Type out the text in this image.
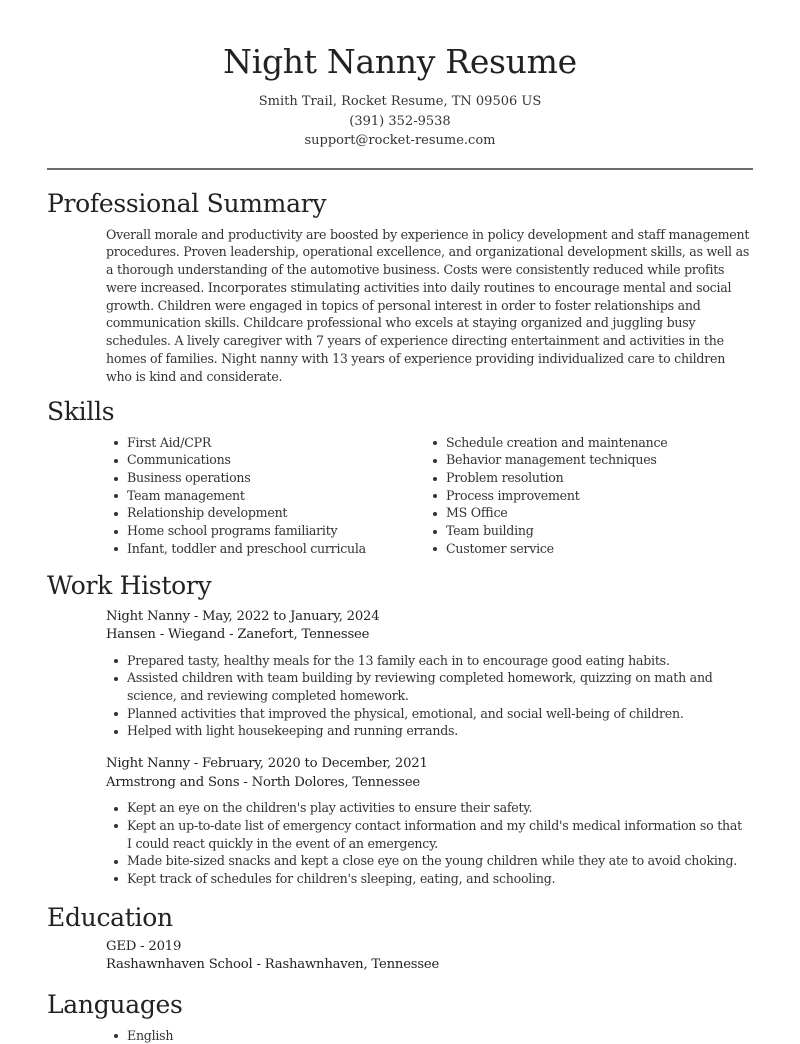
Night Nanny Resume
Smith Trail, Rocket Resume, TN 09506 US
(391) 352-9538
support@rocket-resume.com
Professional Summary

Overall morale and productivity are boosted by experience in policy development and staff management procedures. Proven leadership, operational excellence, and organizational development skills, as well as a thorough understanding of the automotive business. Costs were consistently reduced while profits were increased. Incorporates stimulating activities into daily routines to encourage mental and social growth. Children were engaged in topics of personal interest in order to foster relationships and communication skills. Childcare professional who excels at staying organized and juggling busy schedules. A lively caregiver with 7 years of experience directing entertainment and activities in the homes of families. Night nanny with 13 years of experience providing individualized care to children who is kind and considerate.

Skills
First Aid/CPR
Communications
Business operations
Team management
Relationship development
Home school programs familiarity
Infant, toddler and preschool curricula
Schedule creation and maintenance
Behavior management techniques
Problem resolution
Process improvement
MS Office
Team building
Customer service
Work History
Night Nanny - May, 2022 to January, 2024
Hansen - Wiegand - Zanefort, Tennessee
Prepared tasty, healthy meals for the 13 family each in to encourage good eating habits.
Assisted children with team building by reviewing completed homework, quizzing on math and science, and reviewing completed homework.
Planned activities that improved the physical, emotional, and social well-being of children.
Helped with light housekeeping and running errands.
Night Nanny - February, 2020 to December, 2021
Armstrong and Sons - North Dolores, Tennessee
Kept an eye on the children's play activities to ensure their safety.
Kept an up-to-date list of emergency contact information and my child's medical information so that I could react quickly in the event of an emergency.
Made bite-sized snacks and kept a close eye on the young children while they ate to avoid choking.
Kept track of schedules for children's sleeping, eating, and schooling.
Education
GED - 2019
Rashawnhaven School - Rashawnhaven, Tennessee
Languages
English
